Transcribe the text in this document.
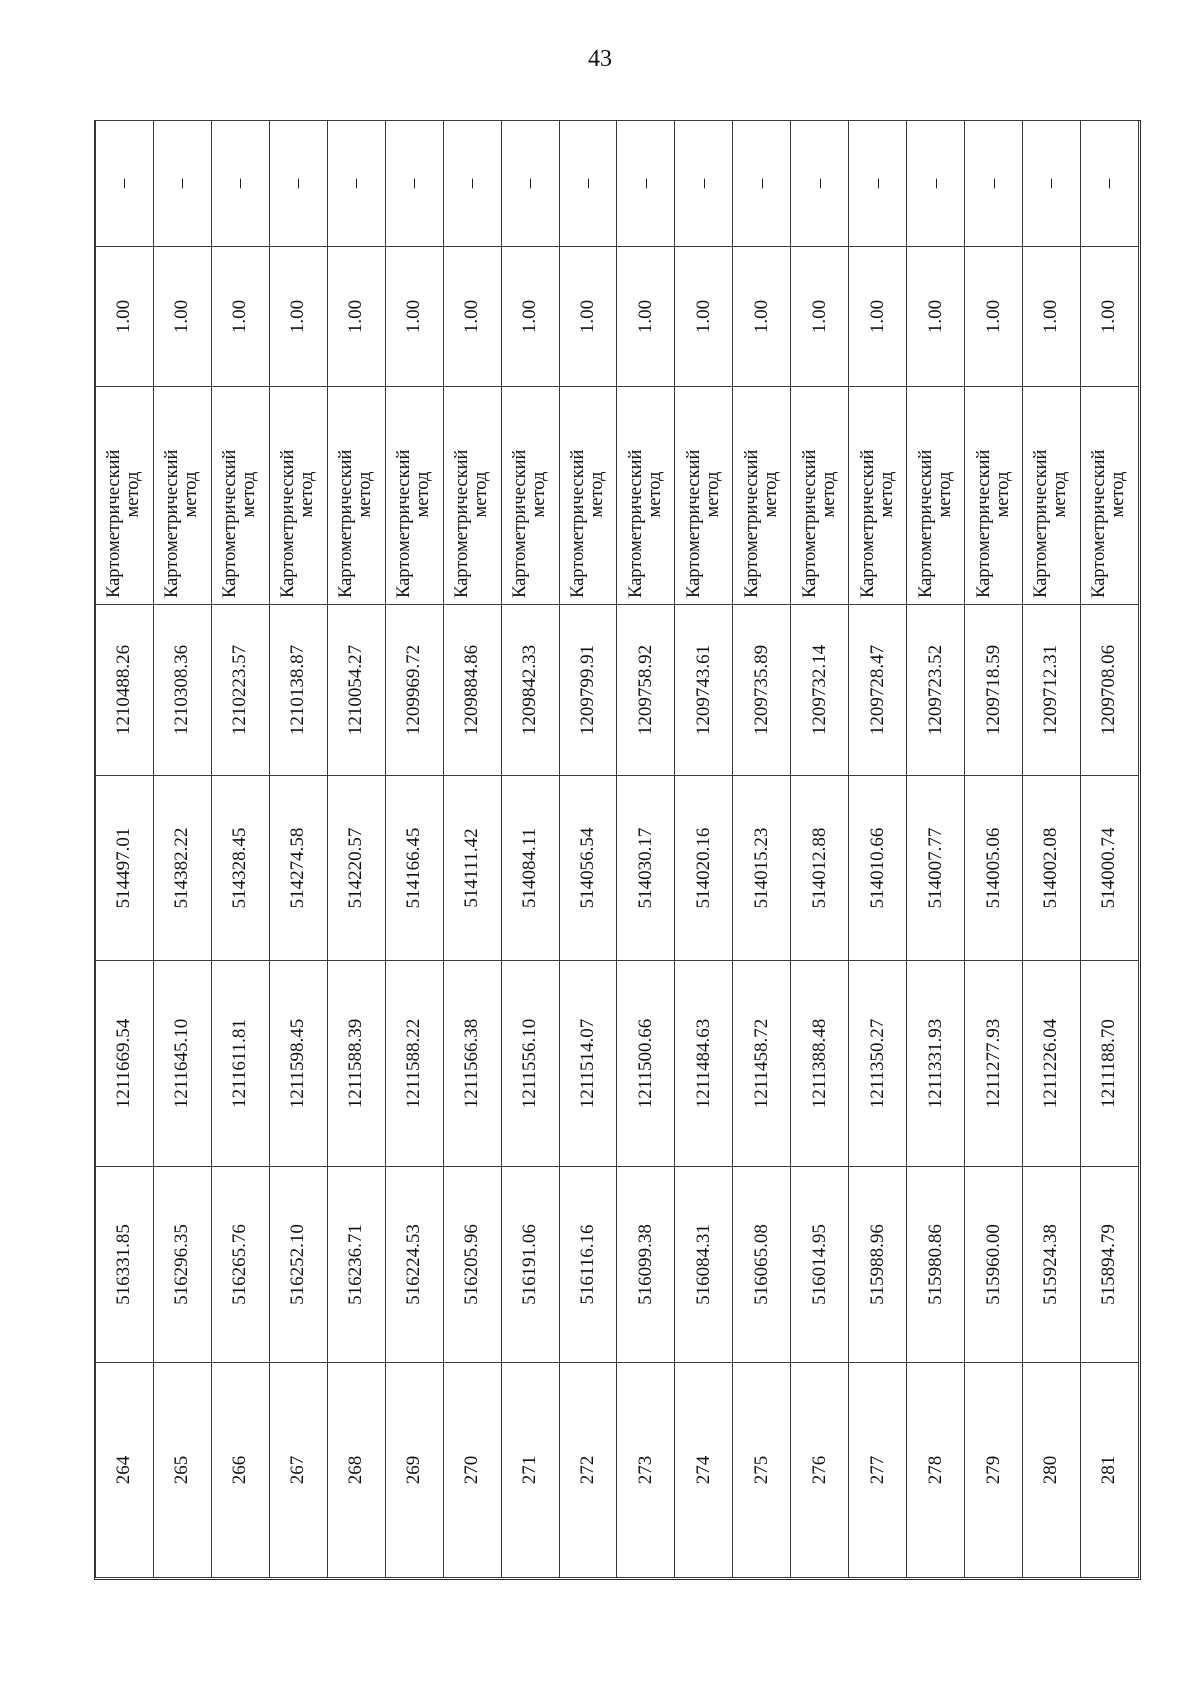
43
264	516331.85	1211669.54	514497.01	1210488.26	Картометрический метод	1.00	–
265	516296.35	1211645.10	514382.22	1210308.36	Картометрический метод	1.00	–
266	516265.76	1211611.81	514328.45	1210223.57	Картометрический метод	1.00	–
267	516252.10	1211598.45	514274.58	1210138.87	Картометрический метод	1.00	–
268	516236.71	1211588.39	514220.57	1210054.27	Картометрический метод	1.00	–
269	516224.53	1211588.22	514166.45	1209969.72	Картометрический метод	1.00	–
270	516205.96	1211566.38	514111.42	1209884.86	Картометрический метод	1.00	–
271	516191.06	1211556.10	514084.11	1209842.33	Картометрический метод	1.00	–
272	516116.16	1211514.07	514056.54	1209799.91	Картометрический метод	1.00	–
273	516099.38	1211500.66	514030.17	1209758.92	Картометрический метод	1.00	–
274	516084.31	1211484.63	514020.16	1209743.61	Картометрический метод	1.00	–
275	516065.08	1211458.72	514015.23	1209735.89	Картометрический метод	1.00	–
276	516014.95	1211388.48	514012.88	1209732.14	Картометрический метод	1.00	–
277	515988.96	1211350.27	514010.66	1209728.47	Картометрический метод	1.00	–
278	515980.86	1211331.93	514007.77	1209723.52	Картометрический метод	1.00	–
279	515960.00	1211277.93	514005.06	1209718.59	Картометрический метод	1.00	–
280	515924.38	1211226.04	514002.08	1209712.31	Картометрический метод	1.00	–
281	515894.79	1211188.70	514000.74	1209708.06	Картометрический метод	1.00	–
